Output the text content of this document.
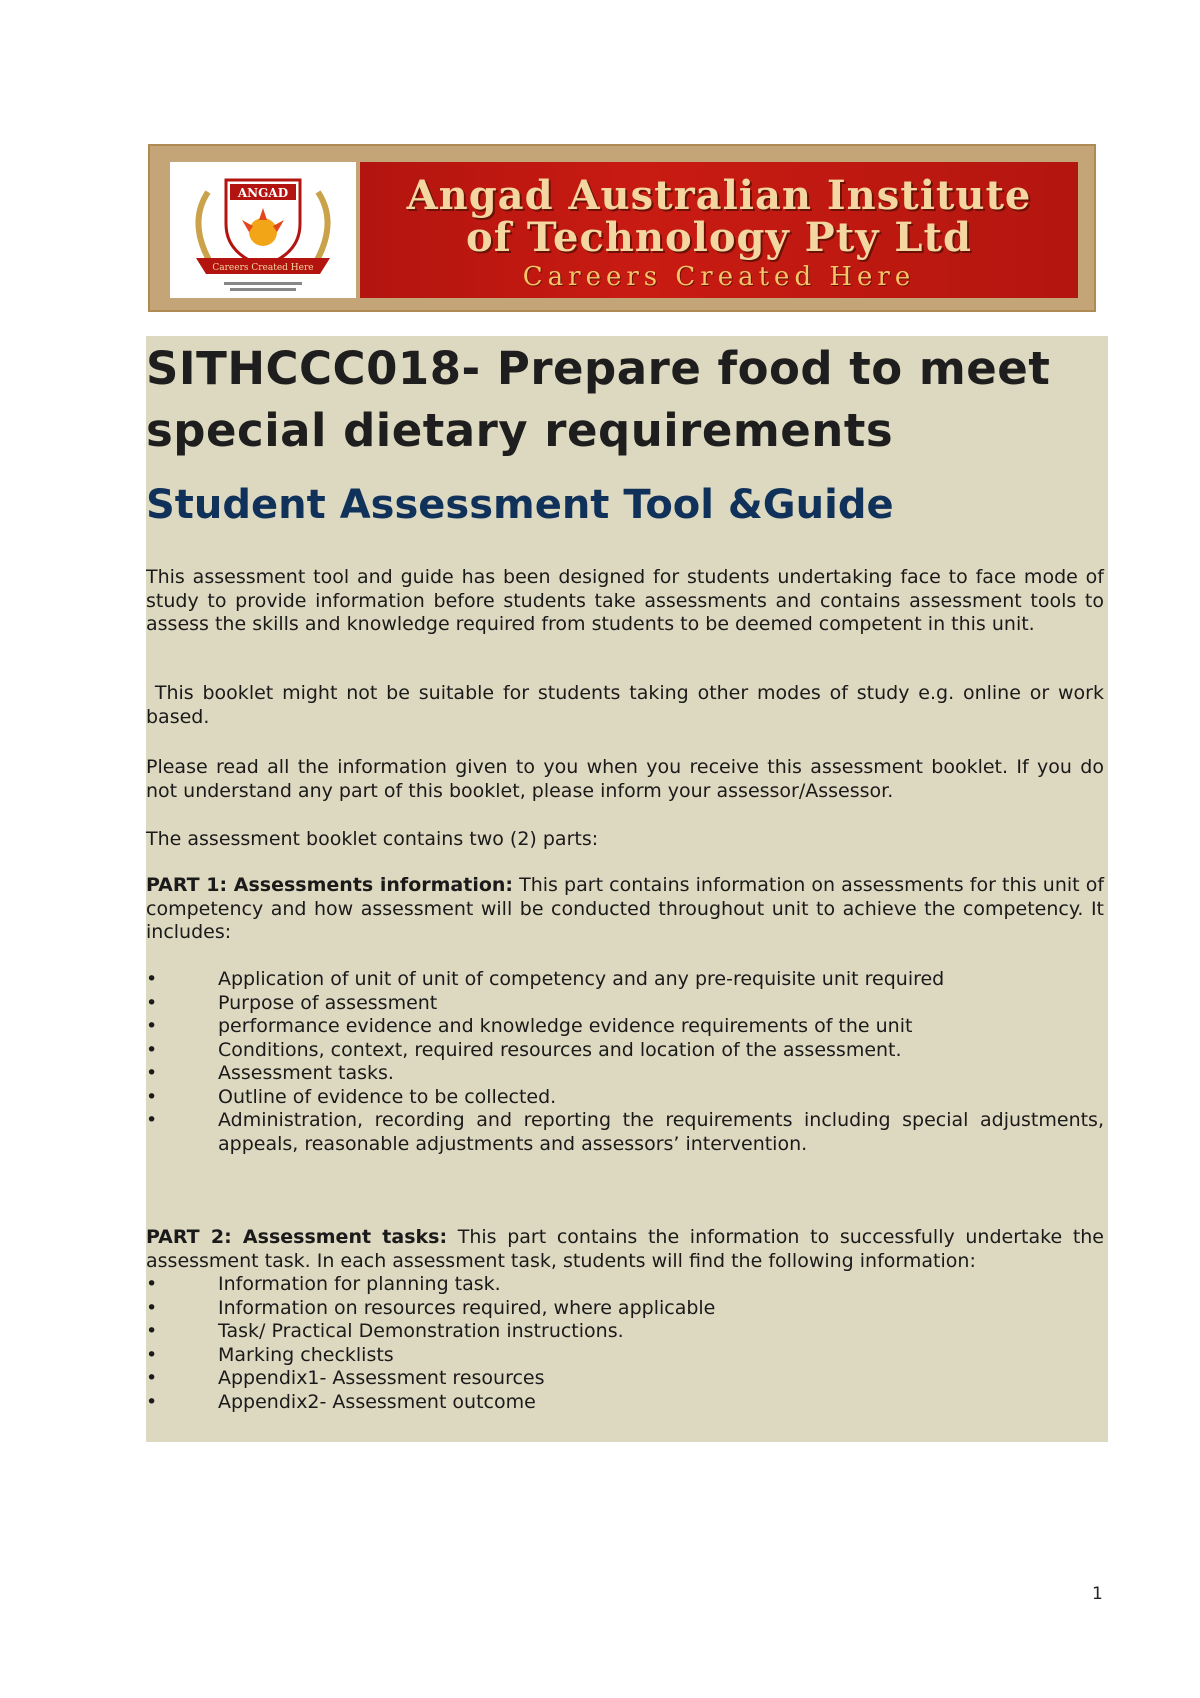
ANGAD
Careers Created Here
Angad Australian Institute
of Technology Pty Ltd
Careers Created Here
SITHCCC018- Prepare food to meet special dietary requirements
Student Assessment Tool &Guide
This assessment tool and guide has been designed for students undertaking face to face mode of study to provide information before students take assessments and contains assessment tools to assess the skills and knowledge required from students to be deemed competent in this unit.
This booklet might not be suitable for students taking other modes of study e.g. online or work based.
Please read all the information given to you when you receive this assessment booklet. If you do not understand any part of this booklet, please inform your assessor/Assessor.
The assessment booklet contains two (2) parts:
PART 1: Assessments information: This part contains information on assessments for this unit of competency and how assessment will be conducted throughout unit to achieve the competency. It includes:
• Application of unit of unit of competency and any pre-requisite unit required
• Purpose of assessment
• performance evidence and knowledge evidence requirements of the unit
• Conditions, context, required resources and location of the assessment.
• Assessment tasks.
• Outline of evidence to be collected.
• Administration, recording and reporting the requirements including special adjustments, appeals, reasonable adjustments and assessors’ intervention.
PART 2: Assessment tasks: This part contains the information to successfully undertake the assessment task. In each assessment task, students will find the following information:
• Information for planning task.
• Information on resources required, where applicable
• Task/ Practical Demonstration instructions.
• Marking checklists
• Appendix1- Assessment resources
• Appendix2- Assessment outcome
1
